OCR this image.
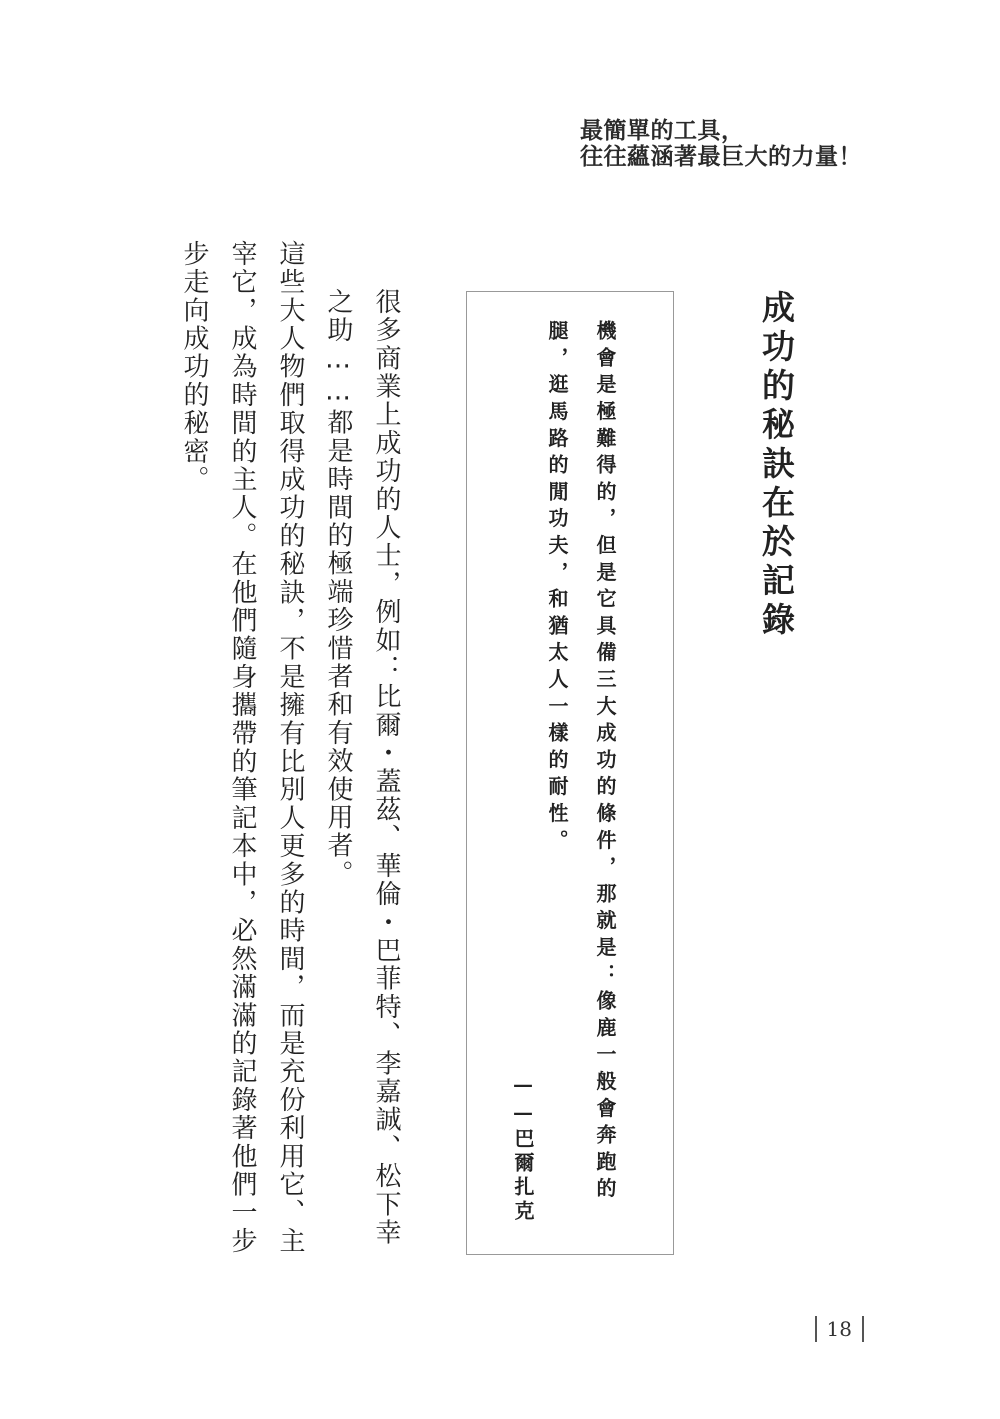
最簡單的工具，
往往蘊涵著最巨大的力量！
成功的秘訣在於記錄
機會是極難得的，但是它具備三大成功的條件，那就是：像鹿一般會奔跑的腿，逛馬路的閒功夫，和猶太人一樣的耐性。
——巴爾扎克

很多商業上成功的人士，例如：比爾・蓋茲、華倫・巴菲特、李嘉誠、松下幸之助……都是時間的極端珍惜者和有效使用者。

這些大人物們取得成功的秘訣，不是擁有比別人更多的時間，而是充份利用它、主宰它，成為時間的主人。在他們隨身攜帶的筆記本中，必然滿滿的記錄著他們一步步走向成功的秘密。

18
